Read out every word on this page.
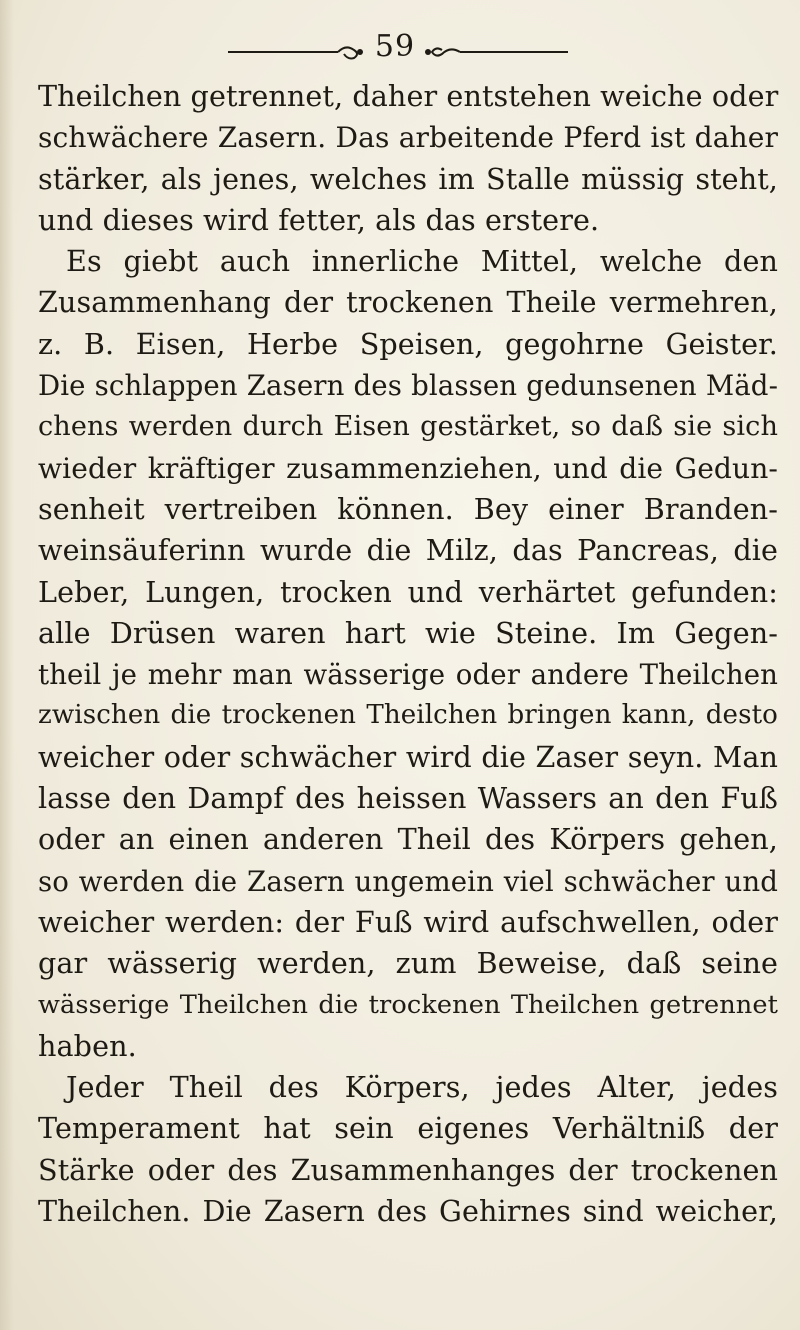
59
Theilchen getrennet, daher entstehen weiche oder
schwächere Zasern. Das arbeitende Pferd ist daher
stärker, als jenes, welches im Stalle müssig steht,
und dieses wird fetter, als das erstere.
Es giebt auch innerliche Mittel, welche den
Zusammenhang der trockenen Theile vermehren,
z. B. Eisen, Herbe Speisen, gegohrne Geister.
Die schlappen Zasern des blassen gedunsenen Mäd-
chens werden durch Eisen gestärket, so daß sie sich
wieder kräftiger zusammenziehen, und die Gedun-
senheit vertreiben können. Bey einer Branden-
weinsäuferinn wurde die Milz, das Pancreas, die
Leber, Lungen, trocken und verhärtet gefunden:
alle Drüsen waren hart wie Steine. Im Gegen-
theil je mehr man wässerige oder andere Theilchen
zwischen die trockenen Theilchen bringen kann, desto
weicher oder schwächer wird die Zaser seyn. Man
lasse den Dampf des heissen Wassers an den Fuß
oder an einen anderen Theil des Körpers gehen,
so werden die Zasern ungemein viel schwächer und
weicher werden: der Fuß wird aufschwellen, oder
gar wässerig werden, zum Beweise, daß seine
wässerige Theilchen die trockenen Theilchen getrennet
haben.
Jeder Theil des Körpers, jedes Alter, jedes
Temperament hat sein eigenes Verhältniß der
Stärke oder des Zusammenhanges der trockenen
Theilchen. Die Zasern des Gehirnes sind weicher,
